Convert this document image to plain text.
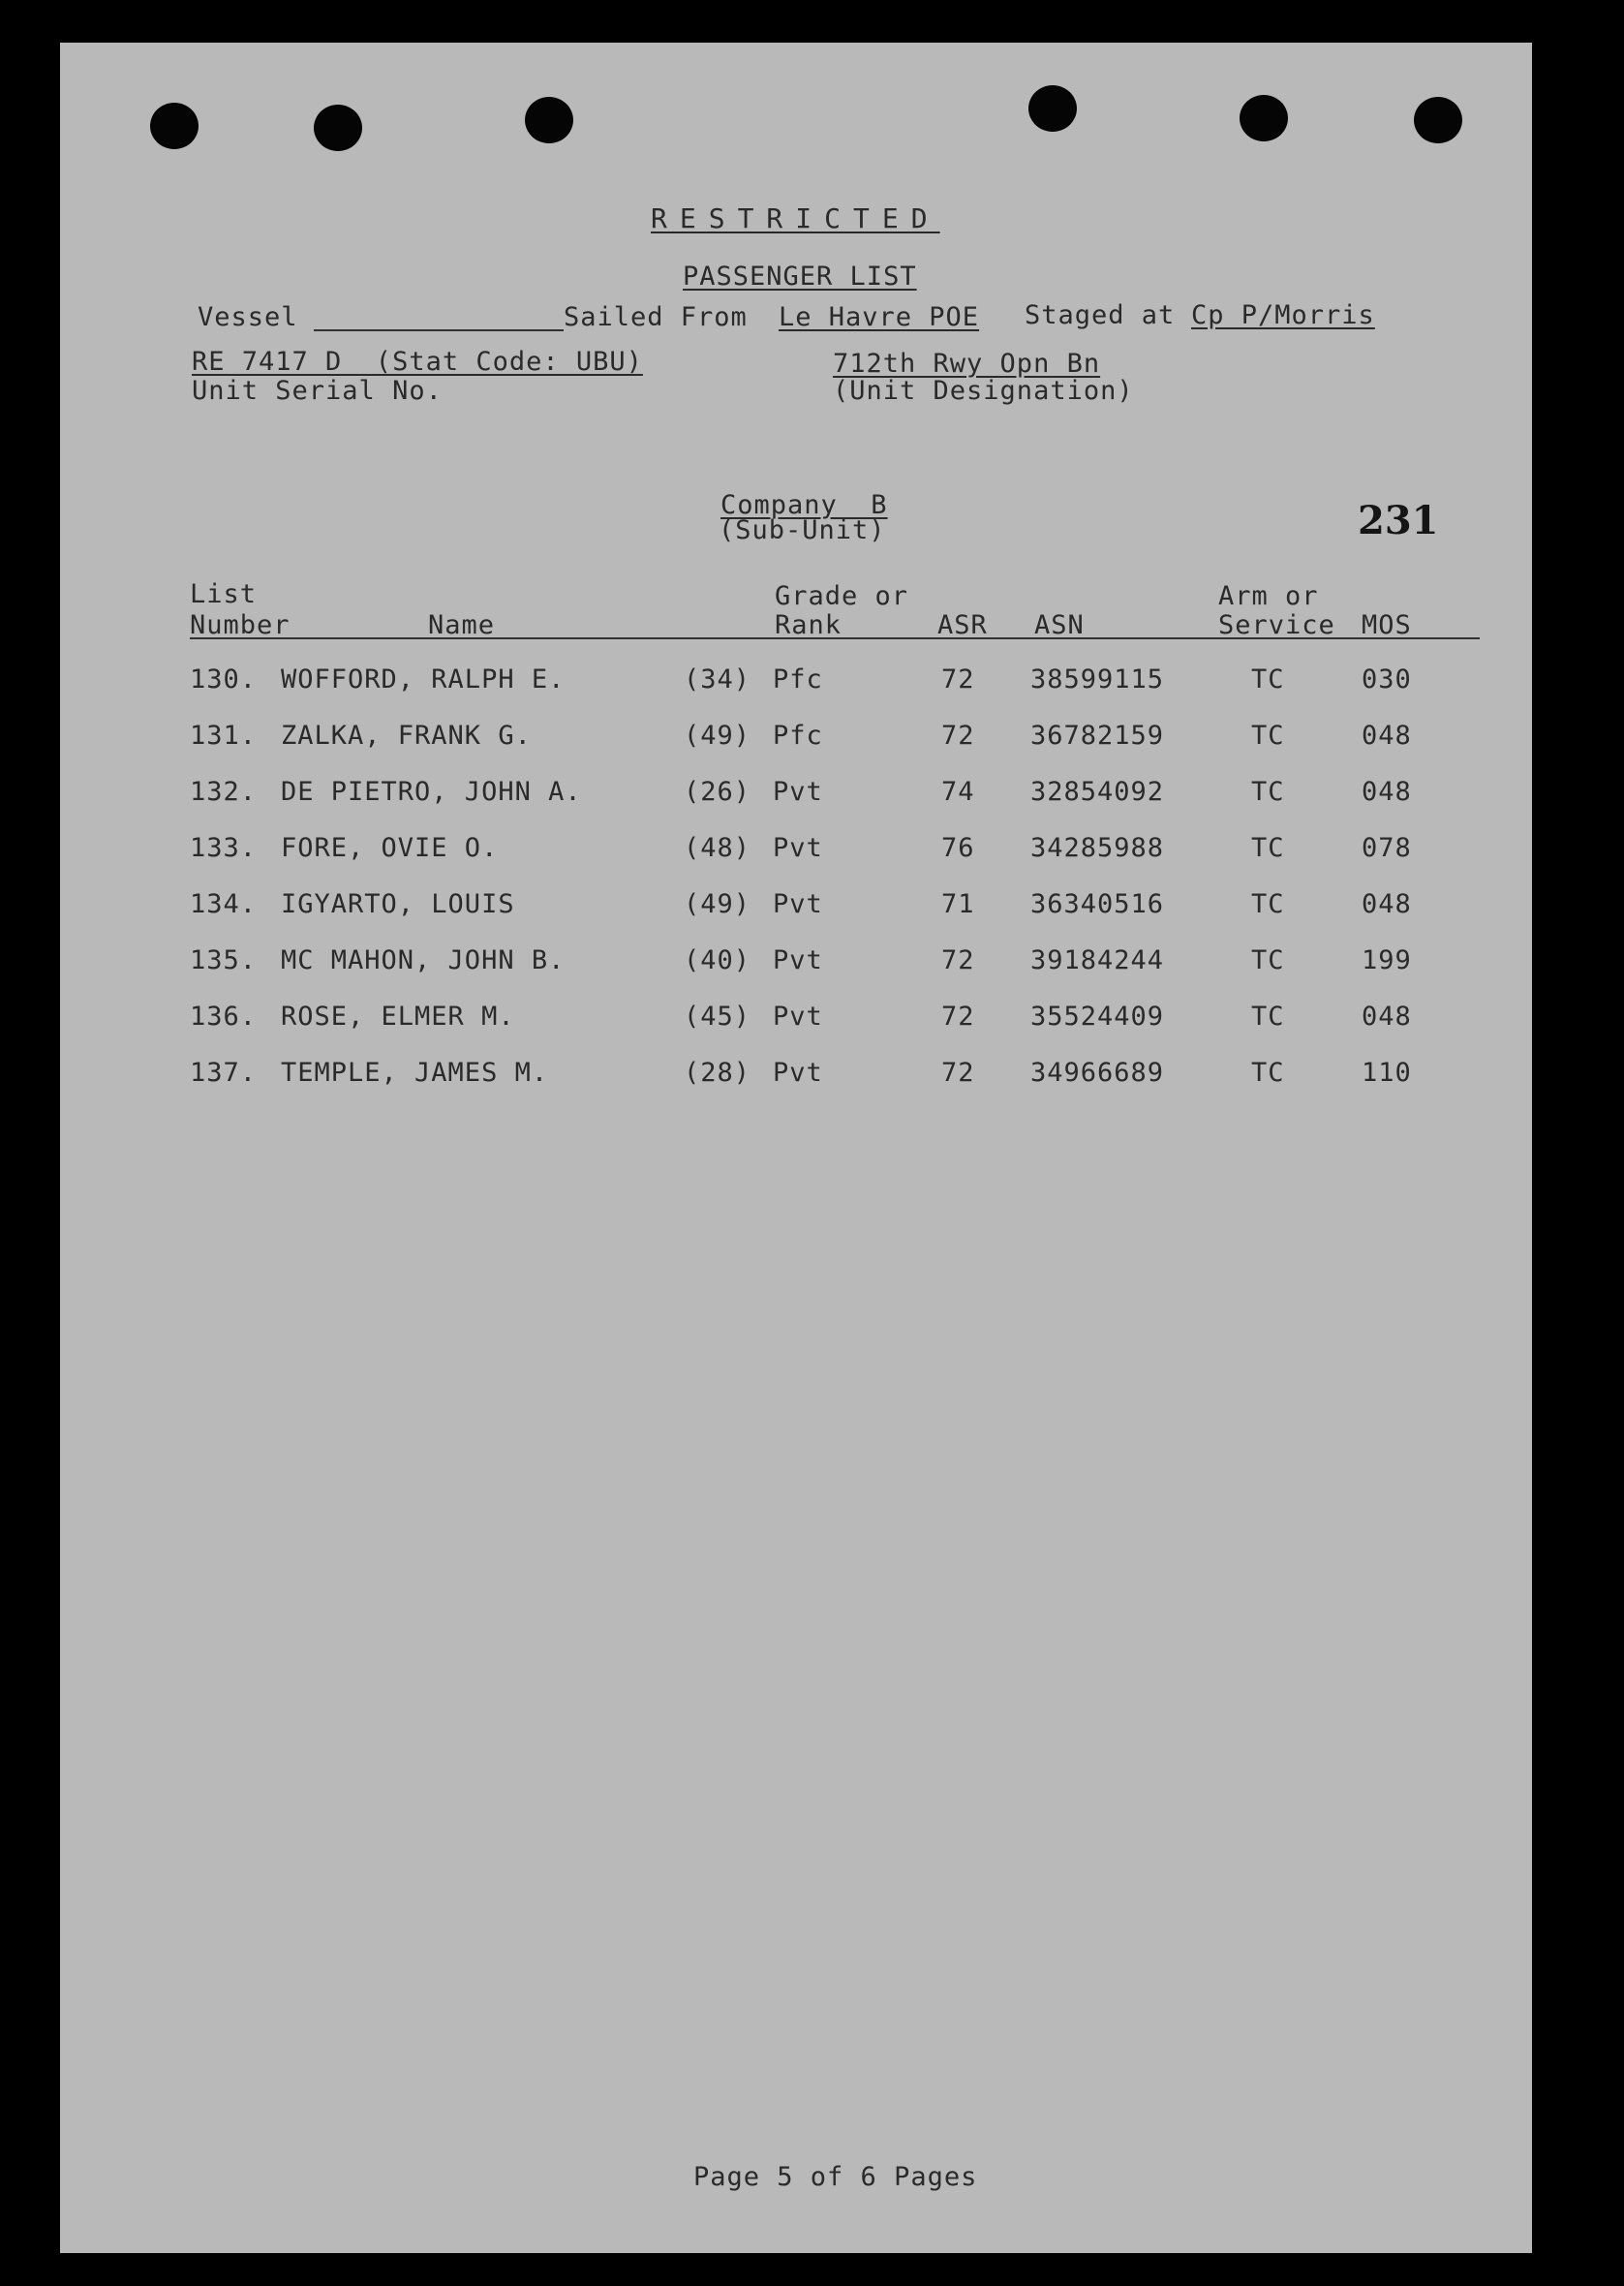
RESTRICTED
PASSENGER LIST
Vessel	Sailed From Le Havre POE Staged at Cp P/Morris
RE 7417 D  (Stat Code: UBU)
Unit Serial No.
712th Rwy Opn Bn
(Unit Designation)
Company  B
(Sub-Unit)	231
List
Number	Name
Grade or
Rank	ASR ASN
Arm or
Service MOS
130. WOFFORD, RALPH E.	(34) Pfc	72 38599115	TC	030
131. ZALKA, FRANK G.	(49) Pfc	72 36782159	TC	048
132. DE PIETRO, JOHN A.	(26) Pvt	74 32854092	TC	048
133. FORE, OVIE O.	(48) Pvt	76 34285988	TC	078
134. IGYARTO, LOUIS	(49) Pvt	71 36340516	TC	048
135. MC MAHON, JOHN B.	(40) Pvt	72 39184244	TC	199
136. ROSE, ELMER M.	(45) Pvt	72 35524409	TC	048
137. TEMPLE, JAMES M.	(28) Pvt	72 34966689	TC	110
Page 5 of 6 Pages
